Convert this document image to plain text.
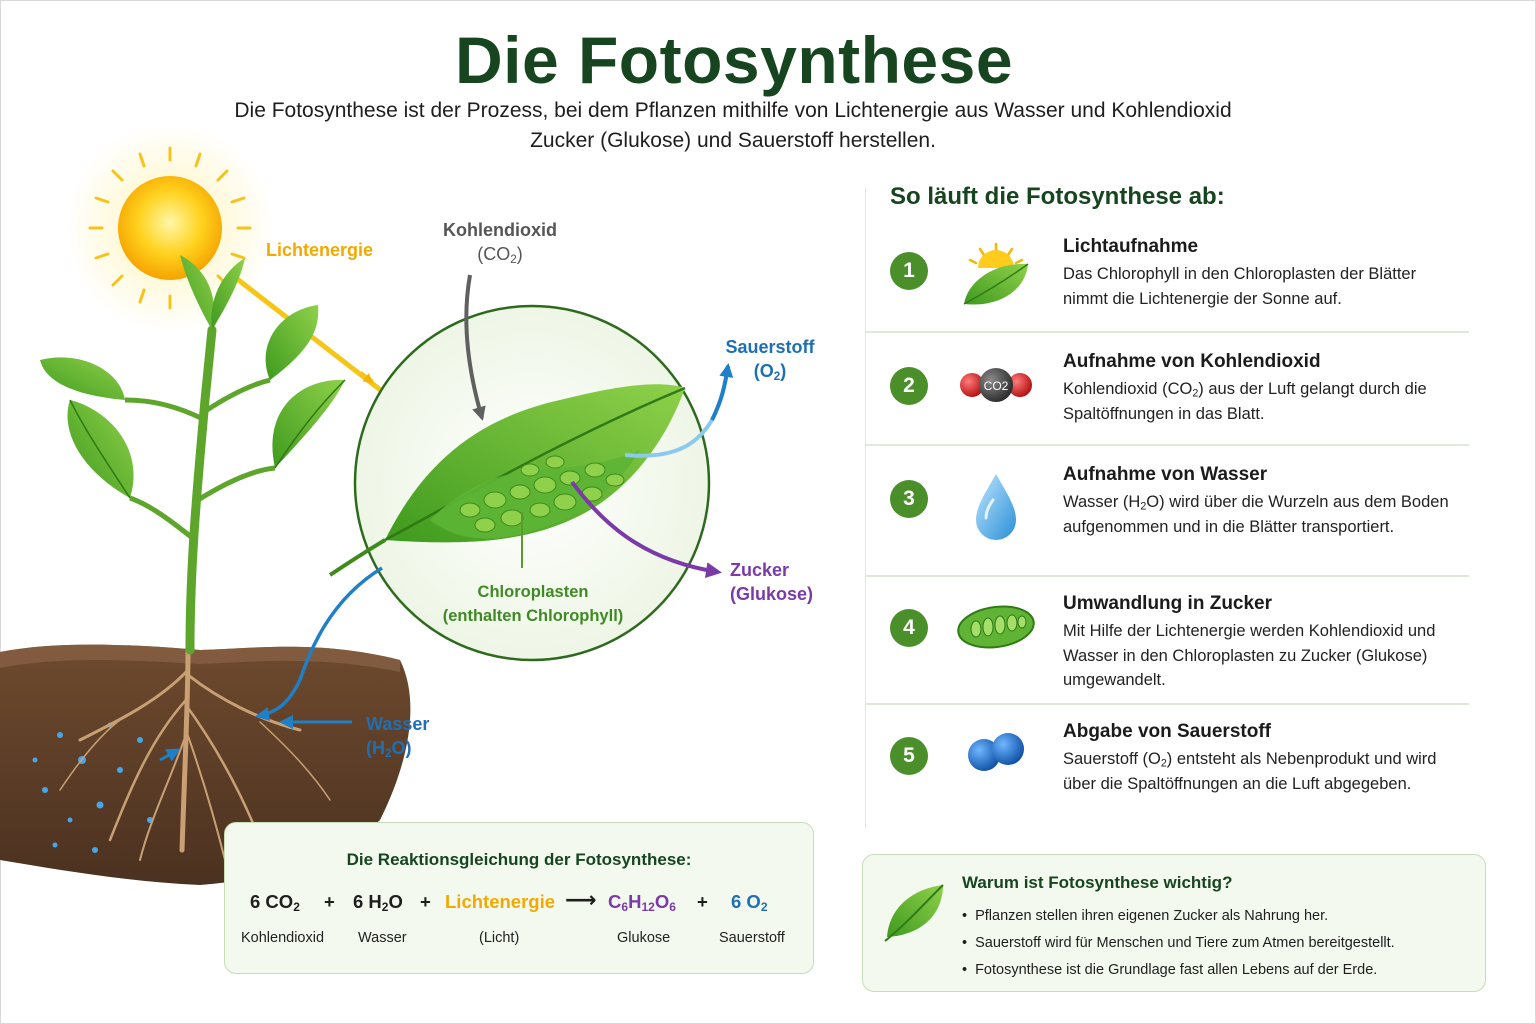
Die Fotosynthese
Die Fotosynthese ist der Prozess, bei dem Pflanzen mithilfe von Lichtenergie aus Wasser und Kohlendioxid
Zucker (Glukose) und Sauerstoff herstellen.
Lichtenergie
Kohlendioxid
$(CO_2)$
Sauerstoff
$(O_2)$
Zucker
(Glukose)
Chloroplasten
(enthalten Chlorophyll)
Wasser
$(H_2O)$
So läuft die Fotosynthese ab:
1
Lichtaufnahme

Das Chlorophyll in den Chloroplasten der Blätter nimmt die Lichtenergie der Sonne auf.

2	CO2
Aufnahme von Kohlendioxid

Kohlendioxid $(CO_2)$ aus der Luft gelangt durch die Spaltöffnungen in das Blatt.

3
Aufnahme von Wasser

Wasser $(H_2O)$ wird über die Wurzeln aus dem Boden aufgenommen und in die Blätter transportiert.

4
Umwandlung in Zucker

Mit Hilfe der Lichtenergie werden Kohlendioxid und Wasser in den Chloroplasten zu Zucker (Glukose) umgewandelt.

5
Abgabe von Sauerstoff

Sauerstoff $(O_2)$ entsteht als Nebenprodukt und wird über die Spaltöffnungen an die Luft abgegeben.

Die Reaktionsgleichung der Fotosynthese:
6 $CO_2 + 6$ $H_2O$ + Lichtenergie ⟶ $C_6H_{12}O_6 + 6$ $O_2$
Kohlendioxid Wasser	(Licht)	Glukose	Sauerstoff
Warum ist Fotosynthese wichtig?
• Pflanzen stellen ihren eigenen Zucker als Nahrung her.
• Sauerstoff wird für Menschen und Tiere zum Atmen bereitgestellt.
• Fotosynthese ist die Grundlage fast allen Lebens auf der Erde.
